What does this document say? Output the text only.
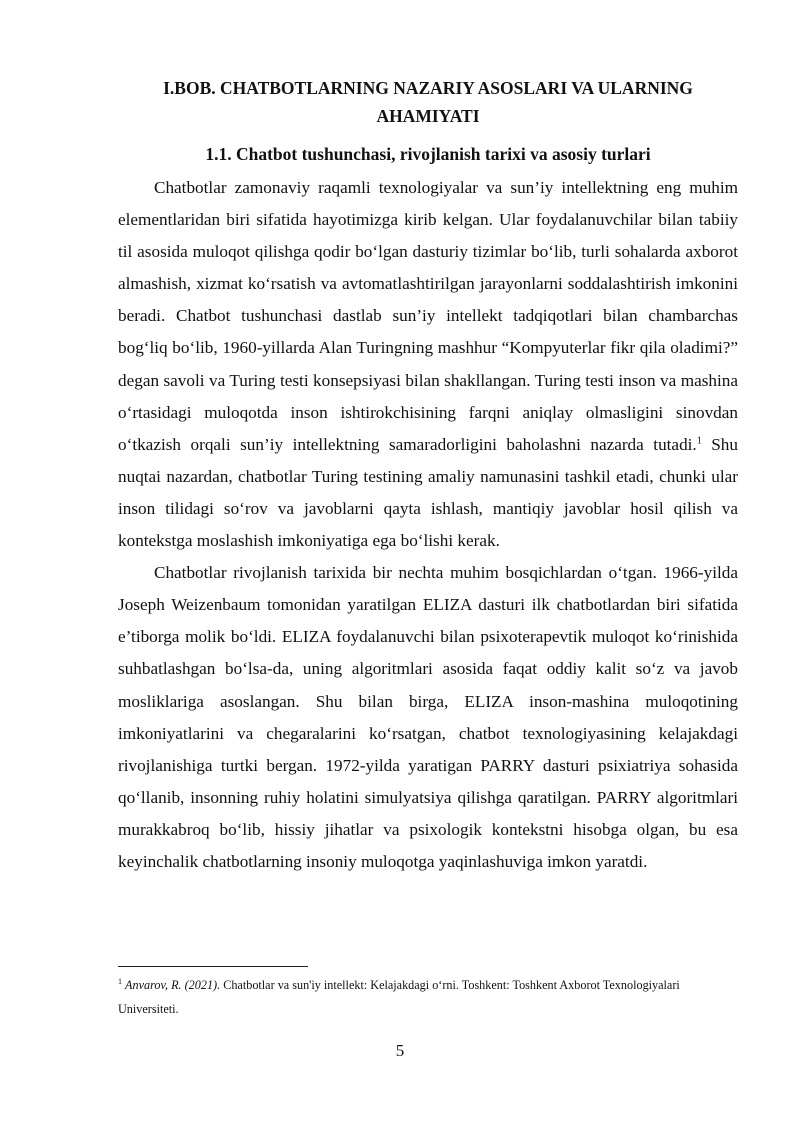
I.BOB. CHATBOTLARNING NAZARIY ASOSLARI VA ULARNING AHAMIYATI
1.1. Chatbot tushunchasi, rivojlanish tarixi va asosiy turlari

Chatbotlar zamonaviy raqamli texnologiyalar va sun’iy intellektning eng muhim elementlaridan biri sifatida hayotimizga kirib kelgan. Ular foydalanuvchilar bilan tabiiy til asosida muloqot qilishga qodir bo‘lgan dasturiy tizimlar bo‘lib, turli sohalarda axborot almashish, xizmat ko‘rsatish va avtomatlashtirilgan jarayonlarni soddalashtirish imkonini beradi. Chatbot tushunchasi dastlab sun’iy intellekt tadqiqotlari bilan chambarchas bog‘liq bo‘lib, 1960-yillarda Alan Turingning mashhur “Kompyuterlar fikr qila oladimi?” degan savoli va Turing testi konsepsiyasi bilan shakllangan. Turing testi inson va mashina o‘rtasidagi muloqotda inson ishtirokchisining farqni aniqlay olmasligini sinovdan o‘tkazish orqali sun’iy intellektning samaradorligini baholashni nazarda tutadi.$^1$ Shu nuqtai nazardan, chatbotlar Turing testining amaliy namunasini tashkil etadi, chunki ular inson tilidagi so‘rov va javoblarni qayta ishlash, mantiqiy javoblar hosil qilish va kontekstga moslashish imkoniyatiga ega bo‘lishi kerak.

Chatbotlar rivojlanish tarixida bir nechta muhim bosqichlardan o‘tgan. 1966-yilda Joseph Weizenbaum tomonidan yaratilgan ELIZA dasturi ilk chatbotlardan biri sifatida e’tiborga molik bo‘ldi. ELIZA foydalanuvchi bilan psixoterapevtik muloqot ko‘rinishida suhbatlashgan bo‘lsa-da, uning algoritmlari asosida faqat oddiy kalit so‘z va javob mosliklariga asoslangan. Shu bilan birga, ELIZA inson-mashina muloqotining imkoniyatlarini va chegaralarini ko‘rsatgan, chatbot texnologiyasining kelajakdagi rivojlanishiga turtki bergan. 1972-yilda yaratigan PARRY dasturi psixiatriya sohasida qo‘llanib, insonning ruhiy holatini simulyatsiya qilishga qaratilgan. PARRY algoritmlari murakkabroq bo‘lib, hissiy jihatlar va psixologik kontekstni hisobga olgan, bu esa keyinchalik chatbotlarning insoniy muloqotga yaqinlashuviga imkon yaratdi.

$^1$ Anvarov, R. (2021). Chatbotlar va sun'iy intellekt: Kelajakdagi o‘rni. Toshkent: Toshkent Axborot Texnologiyalari Universiteti.
5
